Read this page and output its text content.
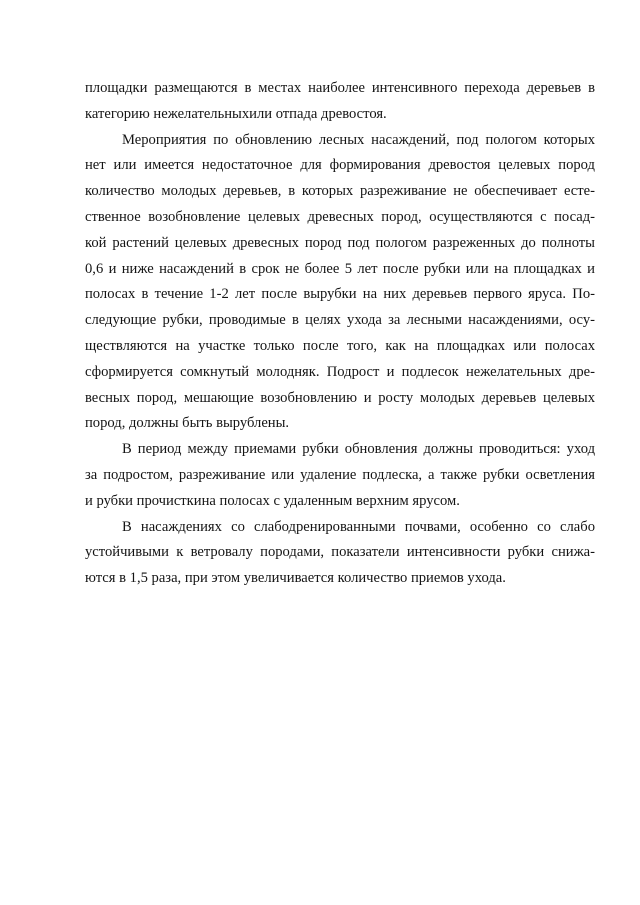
площадки размещаются в местах наиболее интенсивного перехода деревьев в
категорию нежелательныхили отпада древостоя.

Мероприятия по обновлению лесных насаждений, под пологом которых
нет или имеется недостаточное для формирования древостоя целевых пород
количество молодых деревьев, в которых разреживание не обеспечивает есте-
ственное возобновление целевых древесных пород, осуществляются с посад-
кой растений целевых древесных пород под пологом разреженных до полноты
0,6 и ниже насаждений в срок не более 5 лет после рубки или на площадках и
полосах в течение 1-2 лет после вырубки на них деревьев первого яруса. По-
следующие рубки, проводимые в целях ухода за лесными насаждениями, осу-
ществляются на участке только после того, как на площадках или полосах
сформируется сомкнутый молодняк. Подрост и подлесок нежелательных дре-
весных пород, мешающие возобновлению и росту молодых деревьев целевых
пород, должны быть вырублены.

В период между приемами рубки обновления должны проводиться: уход
за подростом, разреживание или удаление подлеска, а также рубки осветления
и рубки прочисткина полосах с удаленным верхним ярусом.

В насаждениях со слабодренированными почвами, особенно со слабо
устойчивыми к ветровалу породами, показатели интенсивности рубки снижа-
ются в 1,5 раза, при этом увеличивается количество приемов ухода.
